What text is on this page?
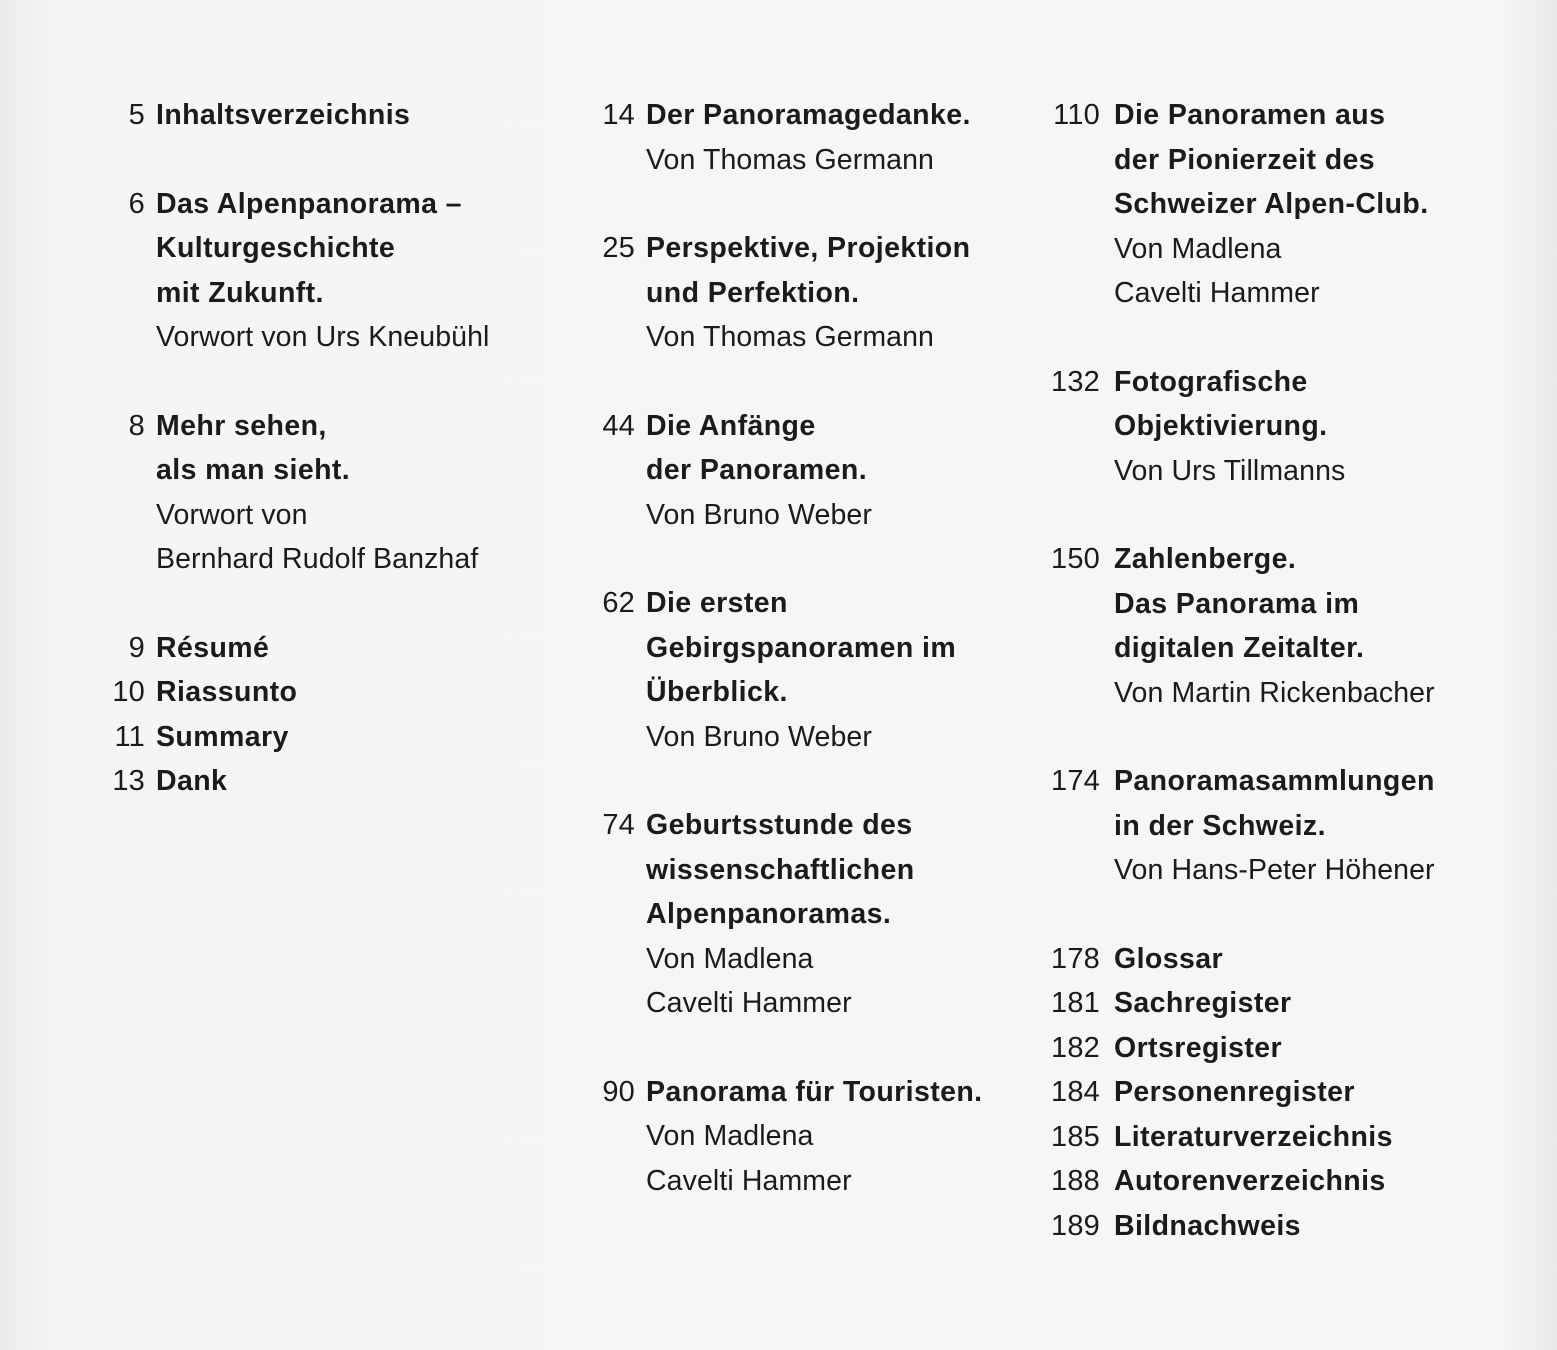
5 Inhaltsverzeichnis
6 Das Alpenpanorama –
Kulturgeschichte
mit Zukunft.
Vorwort von Urs Kneubühl
8 Mehr sehen,
als man sieht.
Vorwort von
Bernhard Rudolf Banzhaf
9 Résumé
10 Riassunto
11 Summary
13 Dank
14 Der Panoramagedanke.
Von Thomas Germann
25 Perspektive, Projektion
und Perfektion.
Von Thomas Germann
44 Die Anfänge
der Panoramen.
Von Bruno Weber
62 Die ersten
Gebirgspanoramen im
Überblick.
Von Bruno Weber
74 Geburtsstunde des
wissenschaftlichen
Alpenpanoramas.
Von Madlena
Cavelti Hammer
90 Panorama für Touristen.
Von Madlena
Cavelti Hammer
110 Die Panoramen aus
der Pionierzeit des
Schweizer Alpen-Club.
Von Madlena
Cavelti Hammer
132 Fotografische
Objektivierung.
Von Urs Tillmanns
150 Zahlenberge.
Das Panorama im
digitalen Zeitalter.
Von Martin Rickenbacher
174 Panoramasammlungen
in der Schweiz.
Von Hans-Peter Höhener
178 Glossar
181 Sachregister
182 Ortsregister
184 Personenregister
185 Literaturverzeichnis
188 Autorenverzeichnis
189 Bildnachweis
